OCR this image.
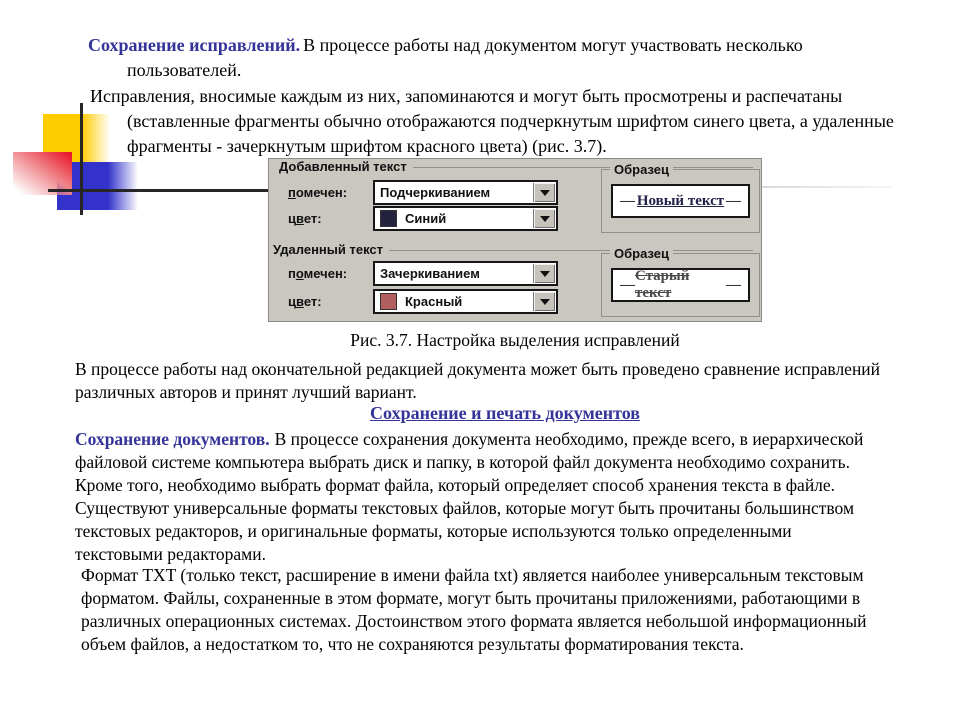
Сохранение исправлений. В процессе работы над документом могут участвовать несколько
пользователей.
Исправления, вносимые каждым из них, запоминаются и могут быть просмотрены и распечатаны
(вставленные фрагменты обычно отображаются подчеркнутым шрифтом синего цвета, а удаленные
фрагменты - зачеркнутым шрифтом красного цвета) (рис. 3.7).
Добавленный текст
помечен:	Подчеркиванием
цвет:	Синий
Образец
— Новый текст —
Удаленный текст
помечен:	Зачеркиванием
цвет:	Красный
Образец
—
Старый текст
—
Рис. 3.7. Настройка выделения исправлений
В процессе работы над окончательной редакцией документа может быть проведено сравнение исправлений
различных авторов и принят лучший вариант.
Сохранение и печать документов
Сохранение документов. В процессе сохранения документа необходимо, прежде всего, в иерархической
файловой системе компьютера выбрать диск и папку, в которой файл документа необходимо сохранить.
Кроме того, необходимо выбрать формат файла, который определяет способ хранения текста в файле.
Существуют универсальные форматы текстовых файлов, которые могут быть прочитаны большинством
текстовых редакторов, и оригинальные форматы, которые используются только определенными
текстовыми редакторами.
Формат TXT (только текст, расширение в имени файла txt) является наиболее универсальным текстовым
форматом. Файлы, сохраненные в этом формате, могут быть прочитаны приложениями, работающими в
различных операционных системах. Достоинством этого формата является небольшой информационный
объем файлов, а недостатком то, что не сохраняются результаты форматирования текста.
